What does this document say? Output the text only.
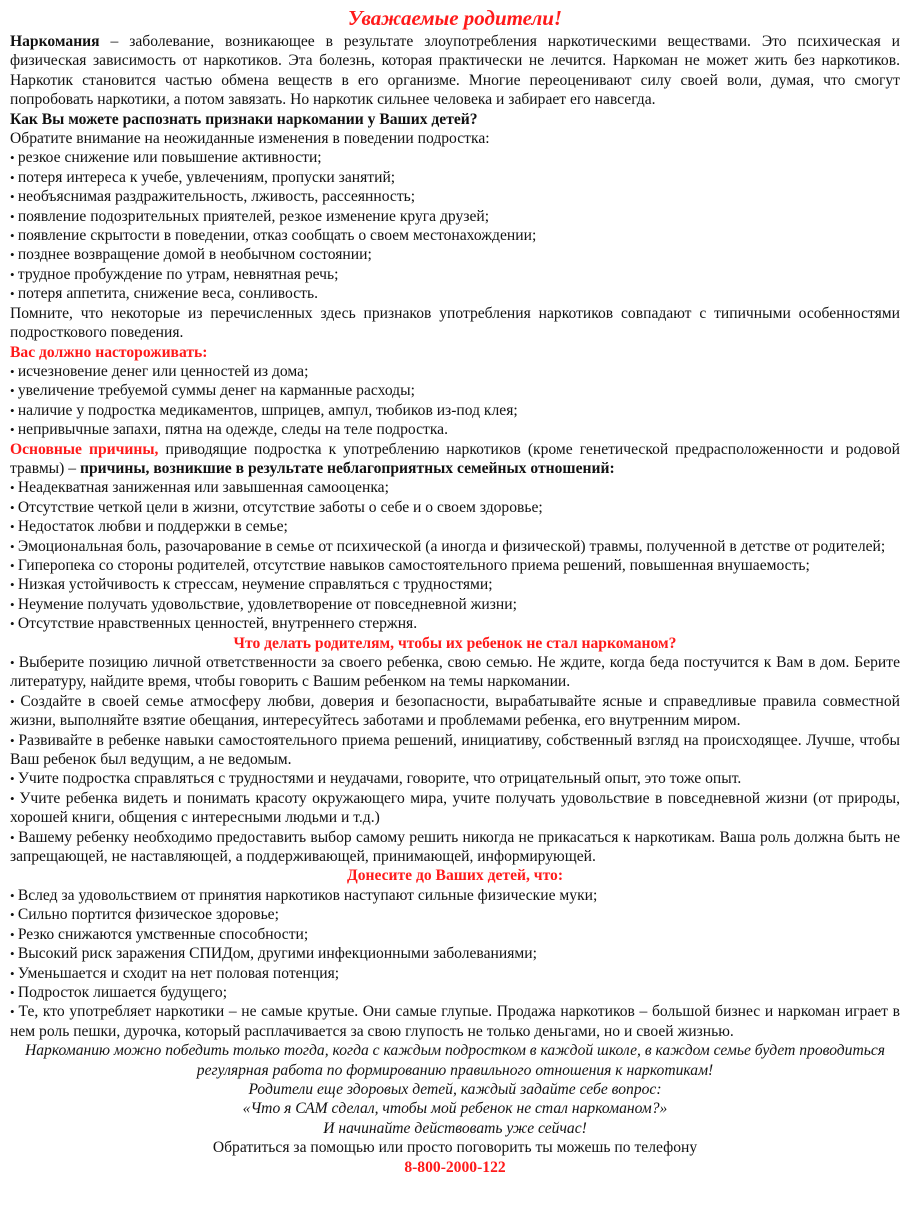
Уважаемые родители!

Наркомания – заболевание, возникающее в результате злоупотребления наркотическими веществами. Это психическая и физическая зависимость от наркотиков. Эта болезнь, которая практически не лечится. Наркоман не может жить без наркотиков. Наркотик становится частью обмена веществ в его организме. Многие переоценивают силу своей воли, думая, что смогут попробовать наркотики, а потом завязать. Но наркотик сильнее человека и забирает его навсегда.

Как Вы можете распознать признаки наркомании у Ваших детей?

Обратите внимание на неожиданные изменения в поведении подростка:

• резкое снижение или повышение активности;

• потеря интереса к учебе, увлечениям, пропуски занятий;

• необъяснимая раздражительность, лживость, рассеянность;

• появление подозрительных приятелей, резкое изменение круга друзей;

• появление скрытости в поведении, отказ сообщать о своем местонахождении;

• позднее возвращение домой в необычном состоянии;

• трудное пробуждение по утрам, невнятная речь;

• потеря аппетита, снижение веса, сонливость.

Помните, что некоторые из перечисленных здесь признаков употребления наркотиков совпадают с типичными особенностями подросткового поведения.

Вас должно настороживать:

• исчезновение денег или ценностей из дома;

• увеличение требуемой суммы денег на карманные расходы;

• наличие у подростка медикаментов, шприцев, ампул, тюбиков из-под клея;

• непривычные запахи, пятна на одежде, следы на теле подростка.

Основные причины, приводящие подростка к употреблению наркотиков (кроме генетической предрасположенности и родовой травмы) – причины, возникшие в результате неблагоприятных семейных отношений:

• Неадекватная заниженная или завышенная самооценка;

• Отсутствие четкой цели в жизни, отсутствие заботы о себе и о своем здоровье;

• Недостаток любви и поддержки в семье;

• Эмоциональная боль, разочарование в семье от психической (а иногда и физической) травмы, полученной в детстве от родителей;

• Гиперопека со стороны родителей, отсутствие навыков самостоятельного приема решений, повышенная внушаемость;

• Низкая устойчивость к стрессам, неумение справляться с трудностями;

• Неумение получать удовольствие, удовлетворение от повседневной жизни;

• Отсутствие нравственных ценностей, внутреннего стержня.

Что делать родителям, чтобы их ребенок не стал наркоманом?

• Выберите позицию личной ответственности за своего ребенка, свою семью. Не ждите, когда беда постучится к Вам в дом. Берите литературу, найдите время, чтобы говорить с Вашим ребенком на темы наркомании.

• Создайте в своей семье атмосферу любви, доверия и безопасности, вырабатывайте ясные и справедливые правила совместной жизни, выполняйте взятие обещания, интересуйтесь заботами и проблемами ребенка, его внутренним миром.

• Развивайте в ребенке навыки самостоятельного приема решений, инициативу, собственный взгляд на происходящее. Лучше, чтобы Ваш ребенок был ведущим, а не ведомым.

• Учите подростка справляться с трудностями и неудачами, говорите, что отрицательный опыт, это тоже опыт.

• Учите ребенка видеть и понимать красоту окружающего мира, учите получать удовольствие в повседневной жизни (от природы, хорошей книги, общения с интересными людьми и т.д.)

• Вашему ребенку необходимо предоставить выбор самому решить никогда не прикасаться к наркотикам. Ваша роль должна быть не запрещающей, не наставляющей, а поддерживающей, принимающей, информирующей.

Донесите до Ваших детей, что:

• Вслед за удовольствием от принятия наркотиков наступают сильные физические муки;

• Сильно портится физическое здоровье;

• Резко снижаются умственные способности;

• Высокий риск заражения СПИДом, другими инфекционными заболеваниями;

• Уменьшается и сходит на нет половая потенция;

• Подросток лишается будущего;

• Те, кто употребляет наркотики – не самые крутые. Они самые глупые. Продажа наркотиков – большой бизнес и наркоман играет в нем роль пешки, дурочка, который расплачивается за свою глупость не только деньгами, но и своей жизнью.

Наркоманию можно победить только тогда, когда с каждым подростком в каждой школе, в каждом семье будет проводиться регулярная работа по формированию правильного отношения к наркотикам!

Родители еще здоровых детей, каждый задайте себе вопрос:

«Что я САМ сделал, чтобы мой ребенок не стал наркоманом?»

И начинайте действовать уже сейчас!

Обратиться за помощью или просто поговорить ты можешь по телефону

8-800-2000-122
